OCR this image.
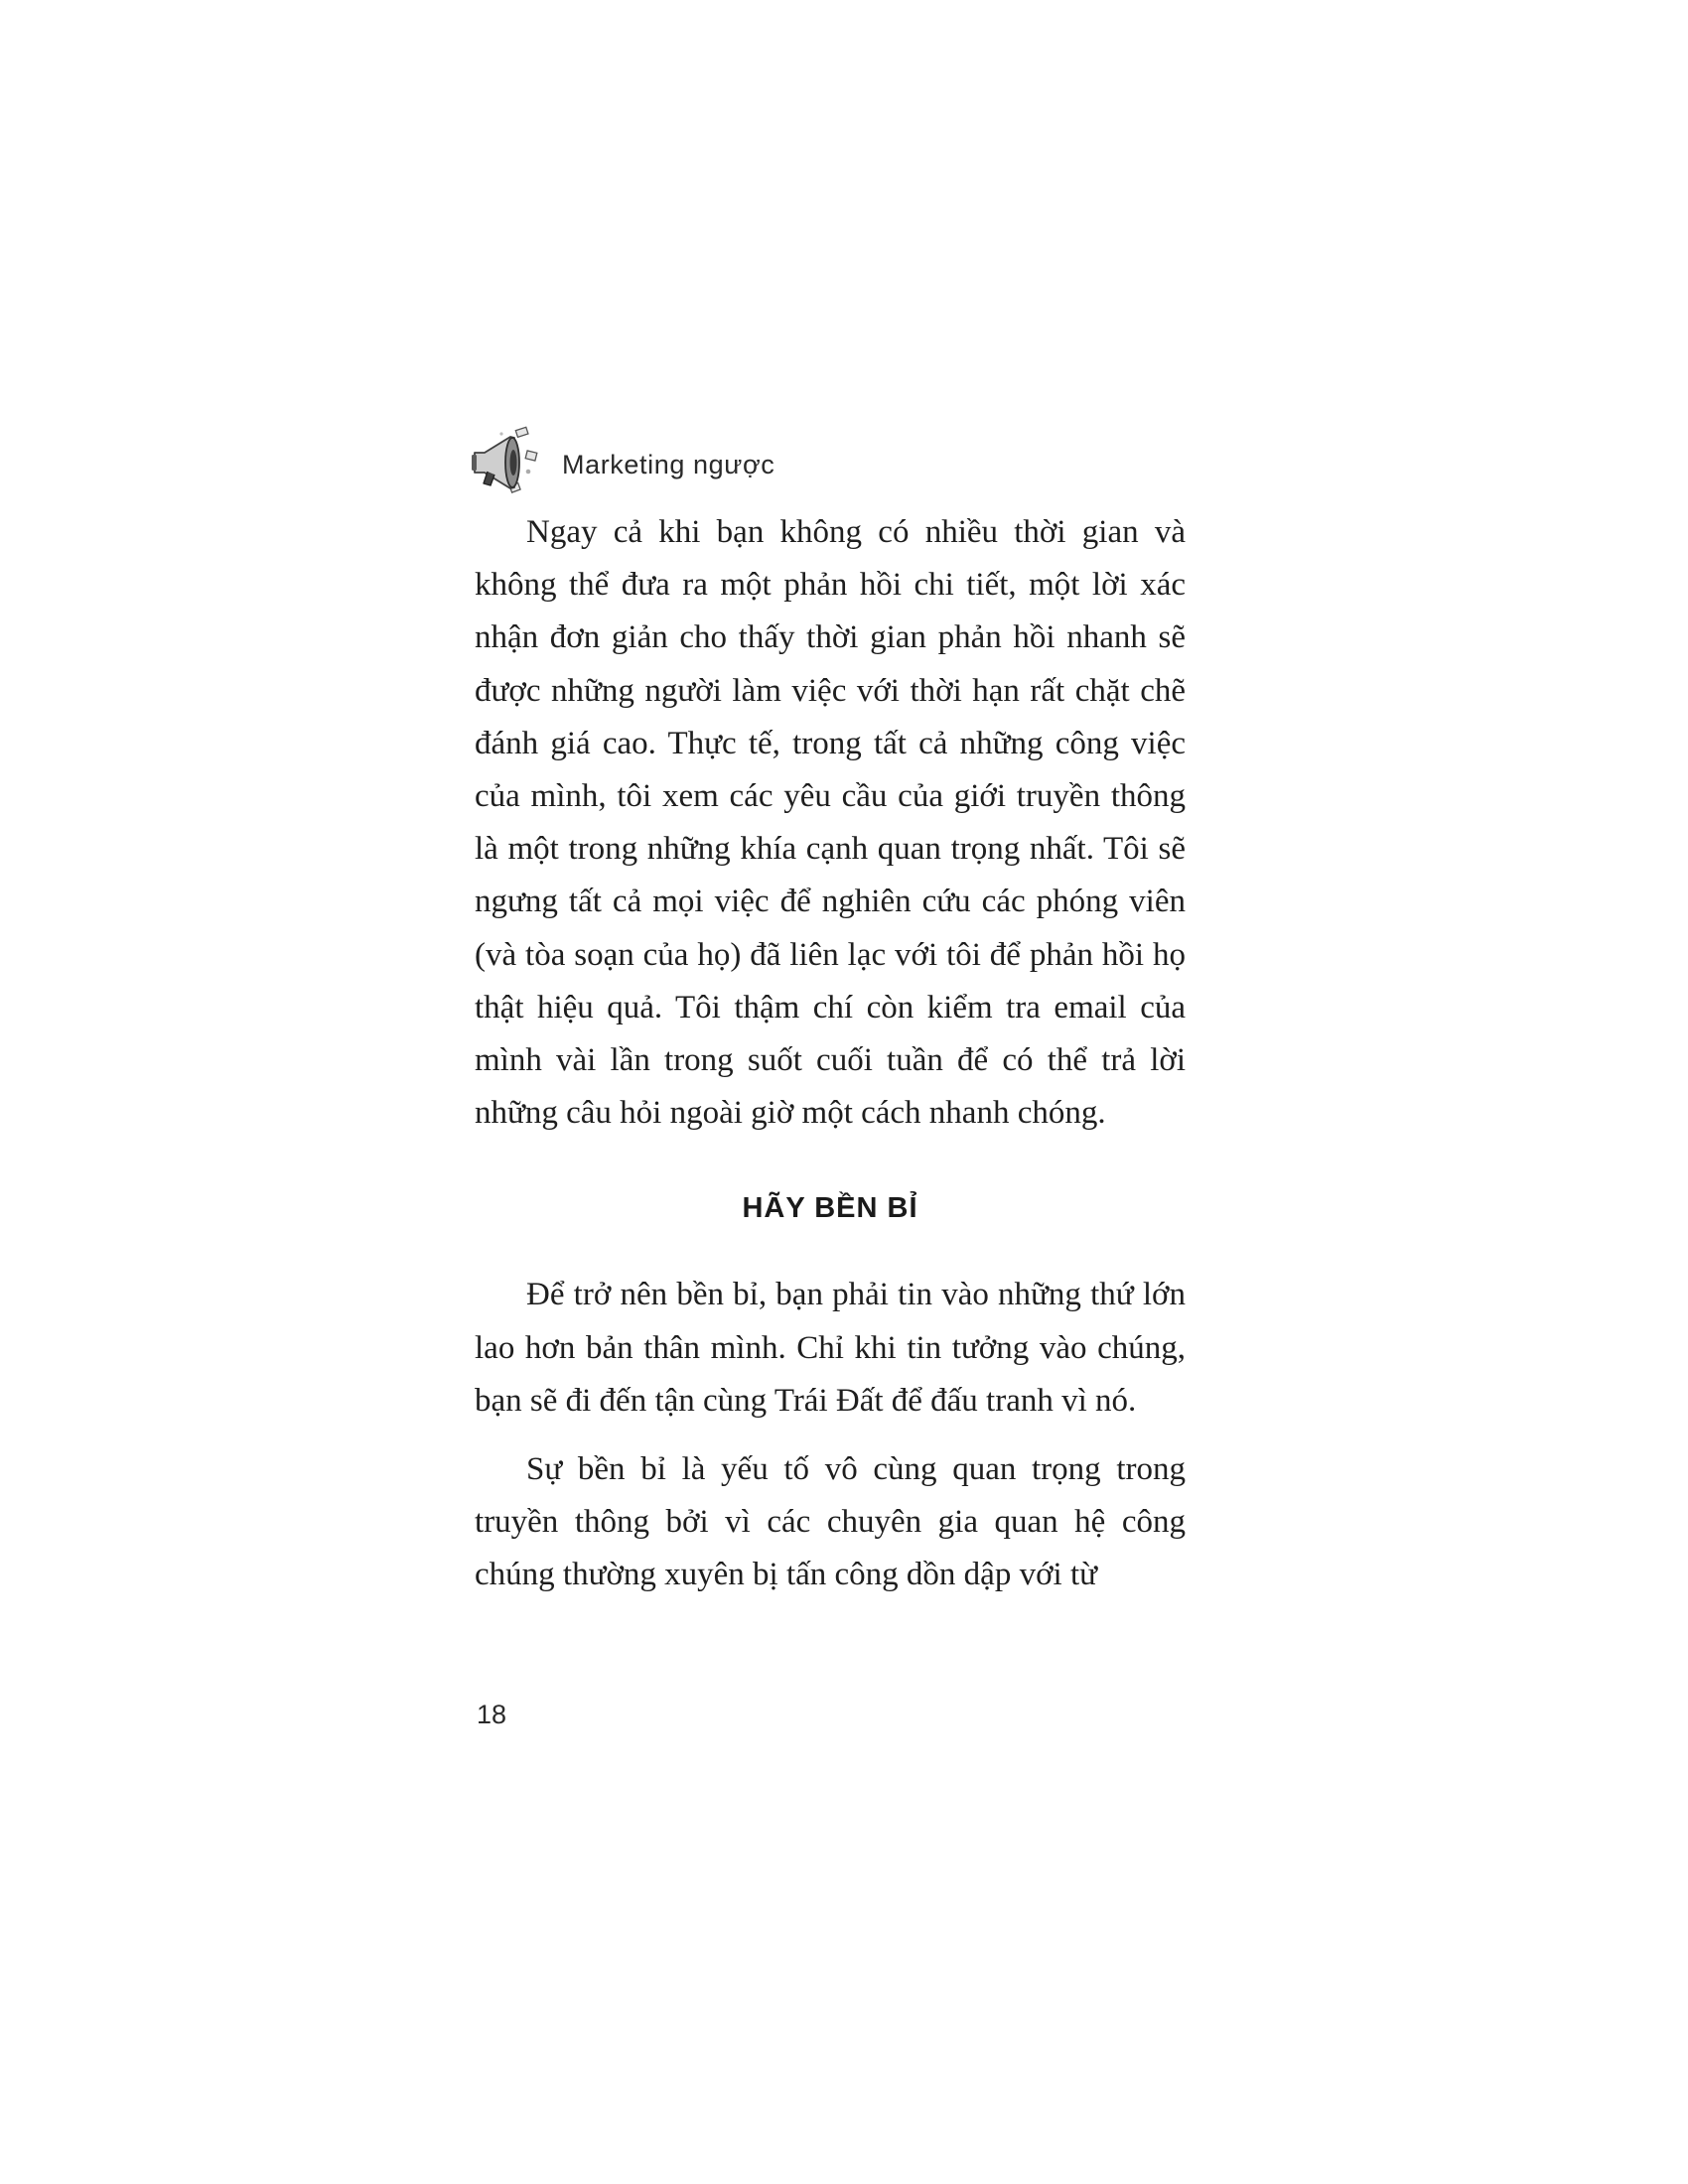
Marketing ngược

Ngay cả khi bạn không có nhiều thời gian và không thể đưa ra một phản hồi chi tiết, một lời xác nhận đơn giản cho thấy thời gian phản hồi nhanh sẽ được những người làm việc với thời hạn rất chặt chẽ đánh giá cao. Thực tế, trong tất cả những công việc của mình, tôi xem các yêu cầu của giới truyền thông là một trong những khía cạnh quan trọng nhất. Tôi sẽ ngưng tất cả mọi việc để nghiên cứu các phóng viên (và tòa soạn của họ) đã liên lạc với tôi để phản hồi họ thật hiệu quả. Tôi thậm chí còn kiểm tra email của mình vài lần trong suốt cuối tuần để có thể trả lời những câu hỏi ngoài giờ một cách nhanh chóng.

HÃY BỀN BỈ

Để trở nên bền bỉ, bạn phải tin vào những thứ lớn lao hơn bản thân mình. Chỉ khi tin tưởng vào chúng, bạn sẽ đi đến tận cùng Trái Đất để đấu tranh vì nó.

Sự bền bỉ là yếu tố vô cùng quan trọng trong truyền thông bởi vì các chuyên gia quan hệ công chúng thường xuyên bị tấn công dồn dập với từ

18
